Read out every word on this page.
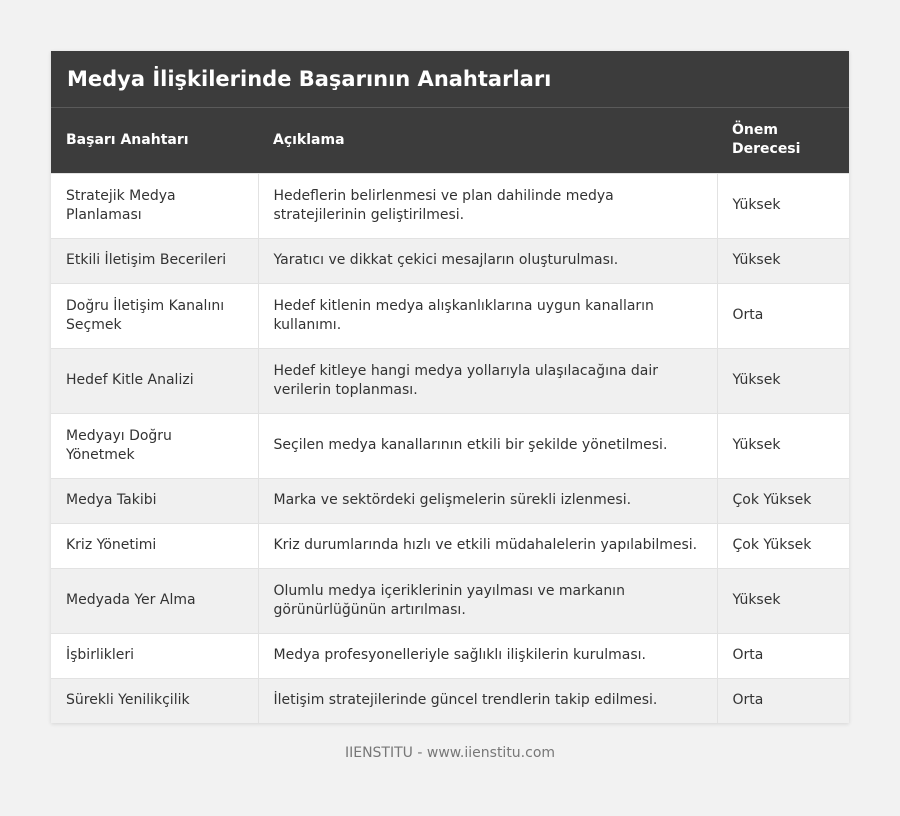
Medya İlişkilerinde Başarının Anahtarları
Başarı Anahtarı	Açıklama	Önem Derecesi
Stratejik Medya Planlaması	Hedeflerin belirlenmesi ve plan dahilinde medya stratejilerinin geliştirilmesi.	Yüksek
Etkili İletişim Becerileri	Yaratıcı ve dikkat çekici mesajların oluşturulması.	Yüksek
Doğru İletişim Kanalını Seçmek	Hedef kitlenin medya alışkanlıklarına uygun kanalların kullanımı.	Orta
Hedef Kitle Analizi	Hedef kitleye hangi medya yollarıyla ulaşılacağına dair verilerin toplanması.	Yüksek
Medyayı Doğru Yönetmek	Seçilen medya kanallarının etkili bir şekilde yönetilmesi.	Yüksek
Medya Takibi	Marka ve sektördeki gelişmelerin sürekli izlenmesi.	Çok Yüksek
Kriz Yönetimi	Kriz durumlarında hızlı ve etkili müdahalelerin yapılabilmesi.	Çok Yüksek
Medyada Yer Alma	Olumlu medya içeriklerinin yayılması ve markanın görünürlüğünün artırılması.	Yüksek
İşbirlikleri	Medya profesyonelleriyle sağlıklı ilişkilerin kurulması.	Orta
Sürekli Yenilikçilik	İletişim stratejilerinde güncel trendlerin takip edilmesi.	Orta
IIENSTITU - www.iienstitu.com
